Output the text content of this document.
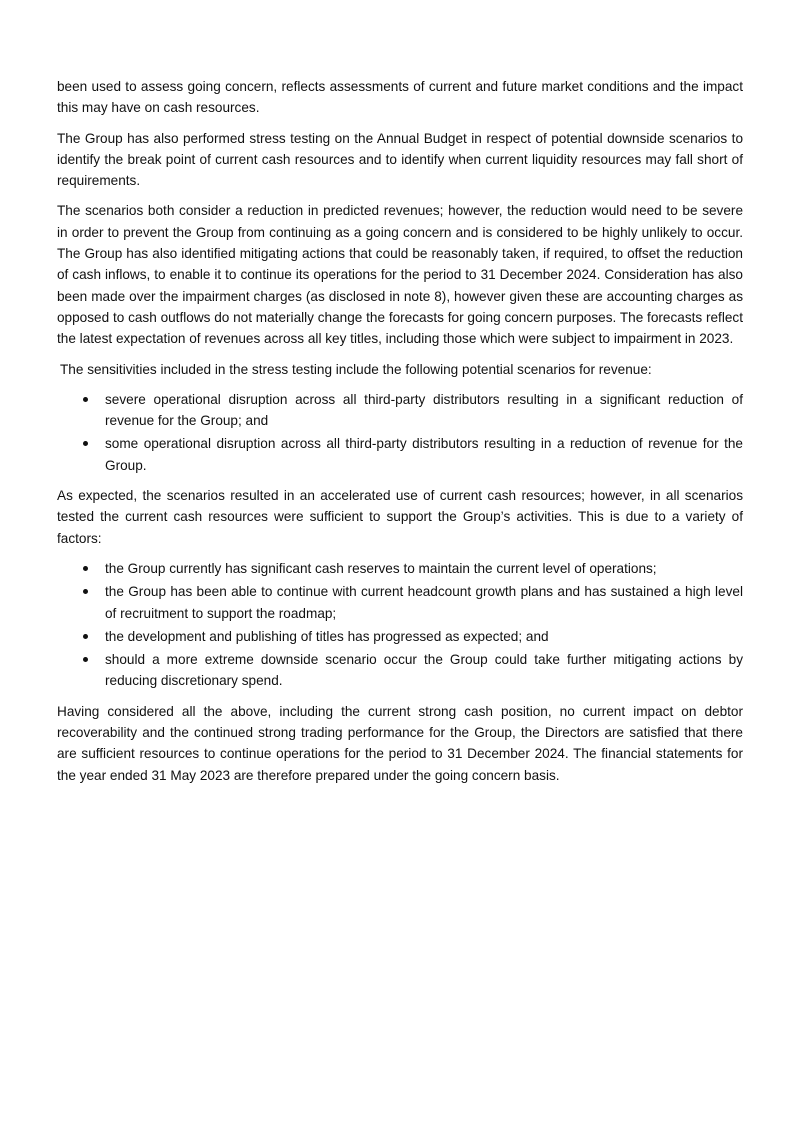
been used to assess going concern, reflects assessments of current and future market conditions and the impact this may have on cash resources.

The Group has also performed stress testing on the Annual Budget in respect of potential downside scenarios to identify the break point of current cash resources and to identify when current liquidity resources may fall short of requirements.

The scenarios both consider a reduction in predicted revenues; however, the reduction would need to be severe in order to prevent the Group from continuing as a going concern and is considered to be highly unlikely to occur. The Group has also identified mitigating actions that could be reasonably taken, if required, to offset the reduction of cash inflows, to enable it to continue its operations for the period to 31 December 2024. Consideration has also been made over the impairment charges (as disclosed in note 8), however given these are accounting charges as opposed to cash outflows do not materially change the forecasts for going concern purposes. The forecasts reflect the latest expectation of revenues across all key titles, including those which were subject to impairment in 2023.

The sensitivities included in the stress testing include the following potential scenarios for revenue:

severe operational disruption across all third-party distributors resulting in a significant reduction of revenue for the Group; and
some operational disruption across all third-party distributors resulting in a reduction of revenue for the Group.

As expected, the scenarios resulted in an accelerated use of current cash resources; however, in all scenarios tested the current cash resources were sufficient to support the Group’s activities. This is due to a variety of factors:

the Group currently has significant cash reserves to maintain the current level of operations;
the Group has been able to continue with current headcount growth plans and has sustained a high level of recruitment to support the roadmap;
the development and publishing of titles has progressed as expected; and
should a more extreme downside scenario occur the Group could take further mitigating actions by reducing discretionary spend.

Having considered all the above, including the current strong cash position, no current impact on debtor recoverability and the continued strong trading performance for the Group, the Directors are satisfied that there are sufficient resources to continue operations for the period to 31 December 2024. The financial statements for the year ended 31 May 2023 are therefore prepared under the going concern basis.
